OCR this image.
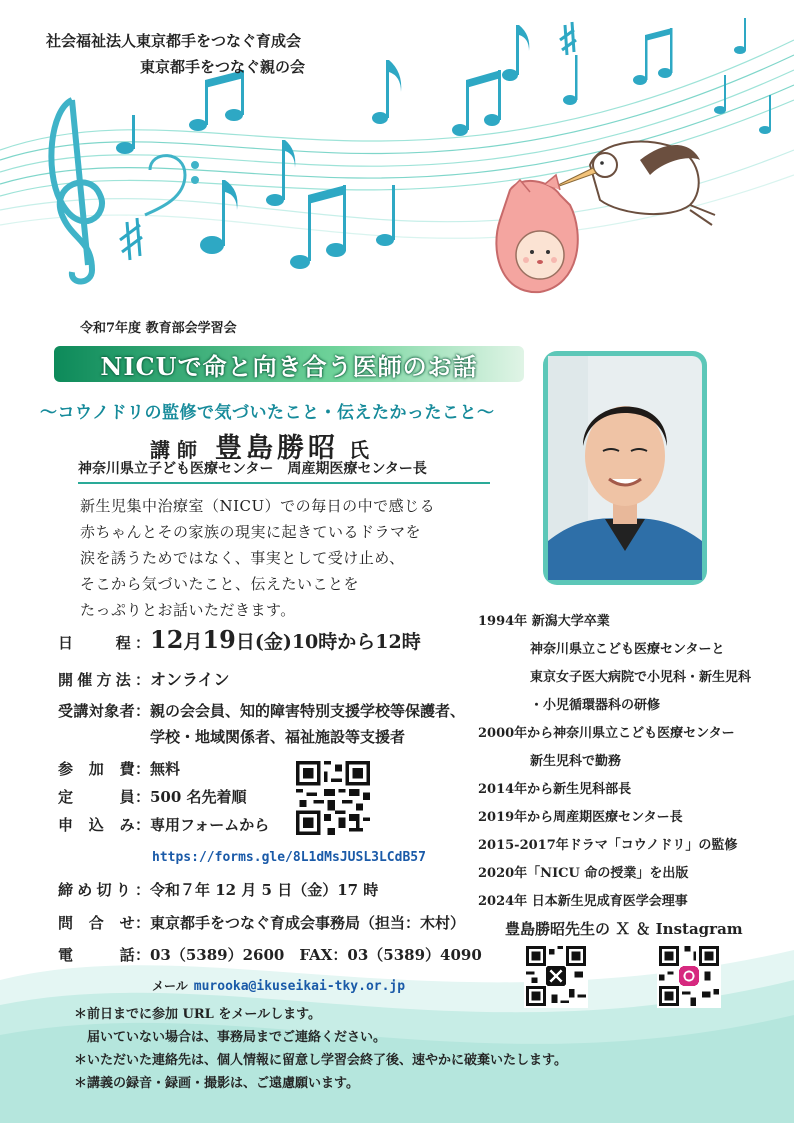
社会福祉法人東京都手をつなぐ育成会
東京都手をつなぐ親の会
令和7年度 教育部会学習会
NICUで命と向き合う医師のお話
〜コウノドリの監修で気づいたこと・伝えたかったこと〜
講 師 豊島勝昭 氏
神奈川県立子ども医療センター　周産期医療センター長
新生児集中治療室（NICU）での毎日の中で感じる
赤ちゃんとその家族の現実に起きているドラマを
涙を誘うためではなく、事実として受け止め、
そこから気づいたこと、伝えたいことを
たっぷりとお話いただきます。
日　　程：12月19日(金)10時から12時
開催方法：オンライン
受講対象者：親の会会員、知的障害特別支援学校等保護者、
学校・地域関係者、福祉施設等支援者
参　加　費：無料
定　　　員：500 名先着順
申　込　み：専用フォームから
https://forms.gle/8L1dMsJUSL3LCdB57
締め切り：令和７年 12 月 5 日（金）17 時
問　合　せ：東京都手をつなぐ育成会事務局（担当：木村）
電　　　話：03（5389）2600　FAX：03（5389）4090
メール murooka@ikuseikai-tky.or.jp
1994年 新潟大学卒業
神奈川県立こども医療センターと
東京女子医大病院で小児科・新生児科
・小児循環器科の研修
2000年から神奈川県立こども医療センター
新生児科で勤務
2014年から新生児科部長
2019年から周産期医療センター長
2015-2017年ドラマ「コウノドリ」の監修
2020年「NICU 命の授業」を出版
2024年 日本新生児成育医学会理事
豊島勝昭先生の Ｘ ＆ Instagram
＊前日までに参加 URL をメールします。
　届いていない場合は、事務局までご連絡ください。
＊いただいた連絡先は、個人情報に留意し学習会終了後、速やかに破棄いたします。
＊講義の録音・録画・撮影は、ご遠慮願います。
